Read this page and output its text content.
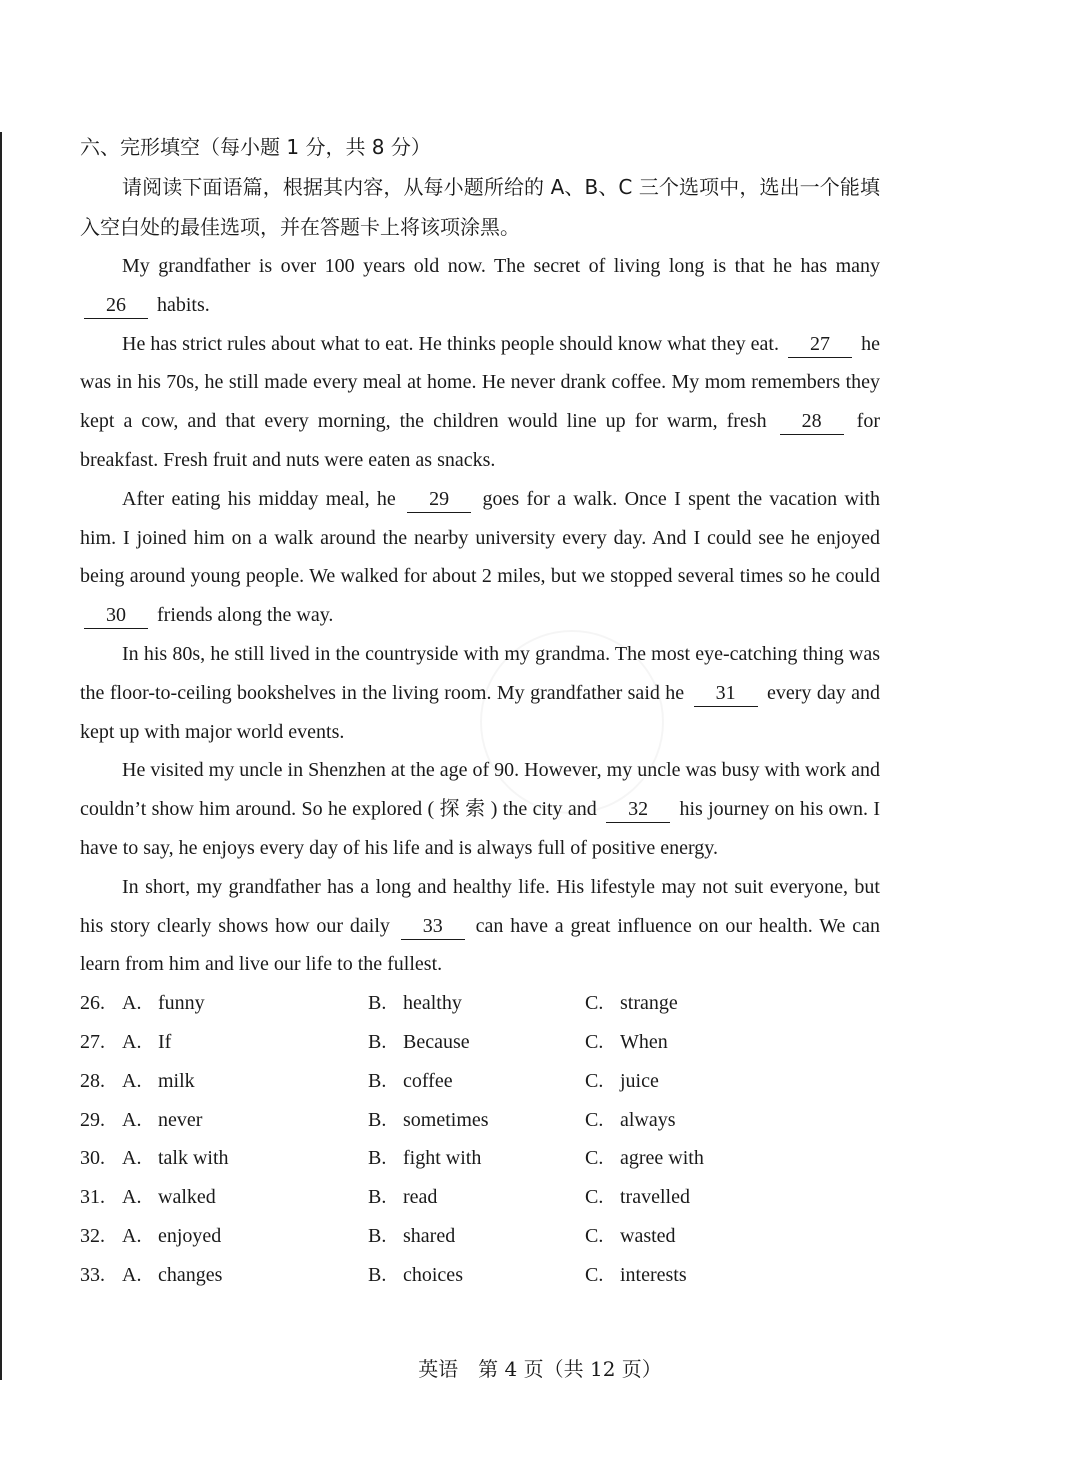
六、完形填空（每小题 1 分，共 8 分）
请阅读下面语篇，根据其内容，从每小题所给的 A、B、C 三个选项中，选出一个能填入空白处的最佳选项，并在答题卡上将该项涂黑。

My grandfather is over 100 years old now. The secret of living long is that he has many 26 habits.

He has strict rules about what to eat. He thinks people should know what they eat. 27 he was in his 70s, he still made every meal at home. He never drank coffee. My mom remembers they kept a cow, and that every morning, the children would line up for warm, fresh 28 for breakfast. Fresh fruit and nuts were eaten as snacks.

After eating his midday meal, he 29 goes for a walk. Once I spent the vacation with him. I joined him on a walk around the nearby university every day. And I could see he enjoyed being around young people. We walked for about 2 miles, but we stopped several times so he could 30 friends along the way.

In his 80s, he still lived in the countryside with my grandma. The most eye-catching thing was the floor-to-ceiling bookshelves in the living room. My grandfather said he 31 every day and kept up with major world events.

He visited my uncle in Shenzhen at the age of 90. However, my uncle was busy with work and couldn’t show him around. So he explored ( 探 索 ) the city and 32 his journey on his own. I have to say, he enjoys every day of his life and is always full of positive energy.

In short, my grandfather has a long and healthy life. His lifestyle may not suit everyone, but his story clearly shows how our daily 33 can have a great influence on our health. We can learn from him and live our life to the fullest.

26. A. funny	B. healthy	C. strange
27. A. If	B. Because	C. When
28. A. milk	B. coffee	C. juice
29. A. never	B. sometimes	C. always
30. A. talk with	B. fight with	C. agree with
31. A. walked	B. read	C. travelled
32. A. enjoyed	B. shared	C. wasted
33. A. changes	B. choices	C. interests
英语　第 4 页（共 12 页）
